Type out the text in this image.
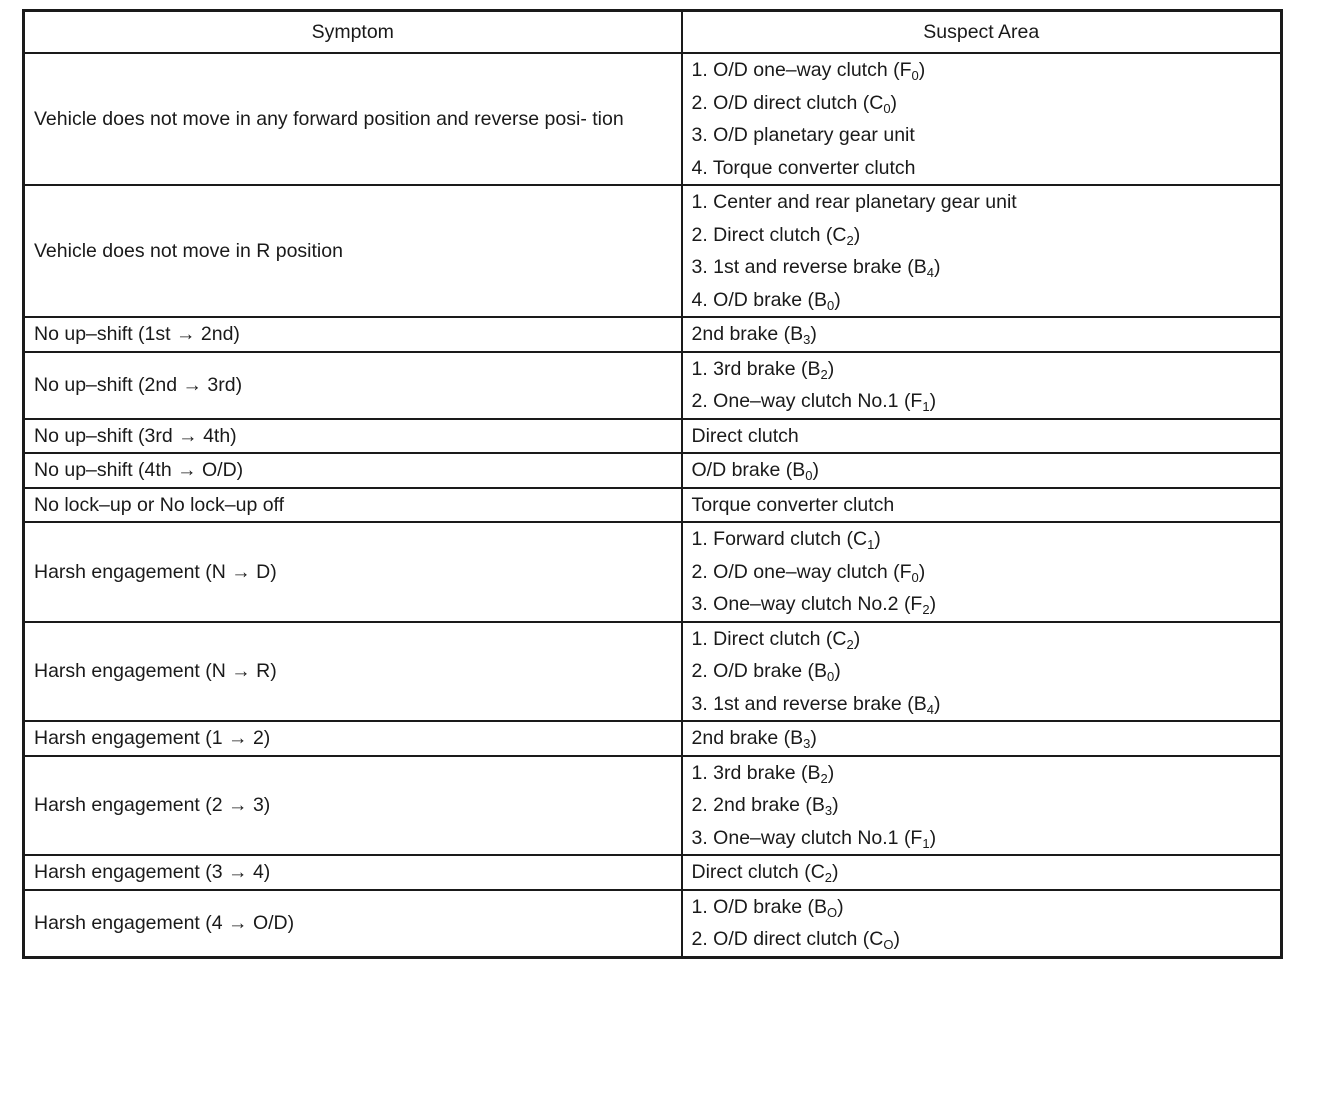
Symptom	Suspect Area
Vehicle does not move in any forward position and reverse posi- tion	1. O/D one–way clutch $(F_0)$
2. O/D direct clutch $(C_0)$
3. O/D planetary gear unit
4. Torque converter clutch

Vehicle does not move in R position	1. Center and rear planetary gear unit
2. Direct clutch $(C_2)$
3. 1st and reverse brake $(B_4)$
4. O/D brake $(B_0)$

No up–shift (1st → 2nd)	2nd brake $(B_3)$

No up–shift (2nd → 3rd)	1. 3rd brake $(B_2)$
2. One–way clutch No.1 $(F_1)$

No up–shift (3rd → 4th)	Direct clutch

No up–shift (4th → O/D)	O/D brake $(B_0)$

No lock–up or No lock–up off	Torque converter clutch

Harsh engagement (N → D)	1. Forward clutch $(C_1)$
2. O/D one–way clutch $(F_0)$
3. One–way clutch No.2 $(F_2)$

Harsh engagement (N → R)	1. Direct clutch $(C_2)$
2. O/D brake $(B_0)$
3. 1st and reverse brake $(B_4)$

Harsh engagement (1 → 2)	2nd brake $(B_3)$

Harsh engagement (2 → 3)	1. 3rd brake $(B_2)$
2. 2nd brake $(B_3)$
3. One–way clutch No.1 $(F_1)$

Harsh engagement (3 → 4)	Direct clutch $(C_2)$

Harsh engagement (4 → O/D)	1. O/D brake $(B_O)$
2. O/D direct clutch $(C_O)$
